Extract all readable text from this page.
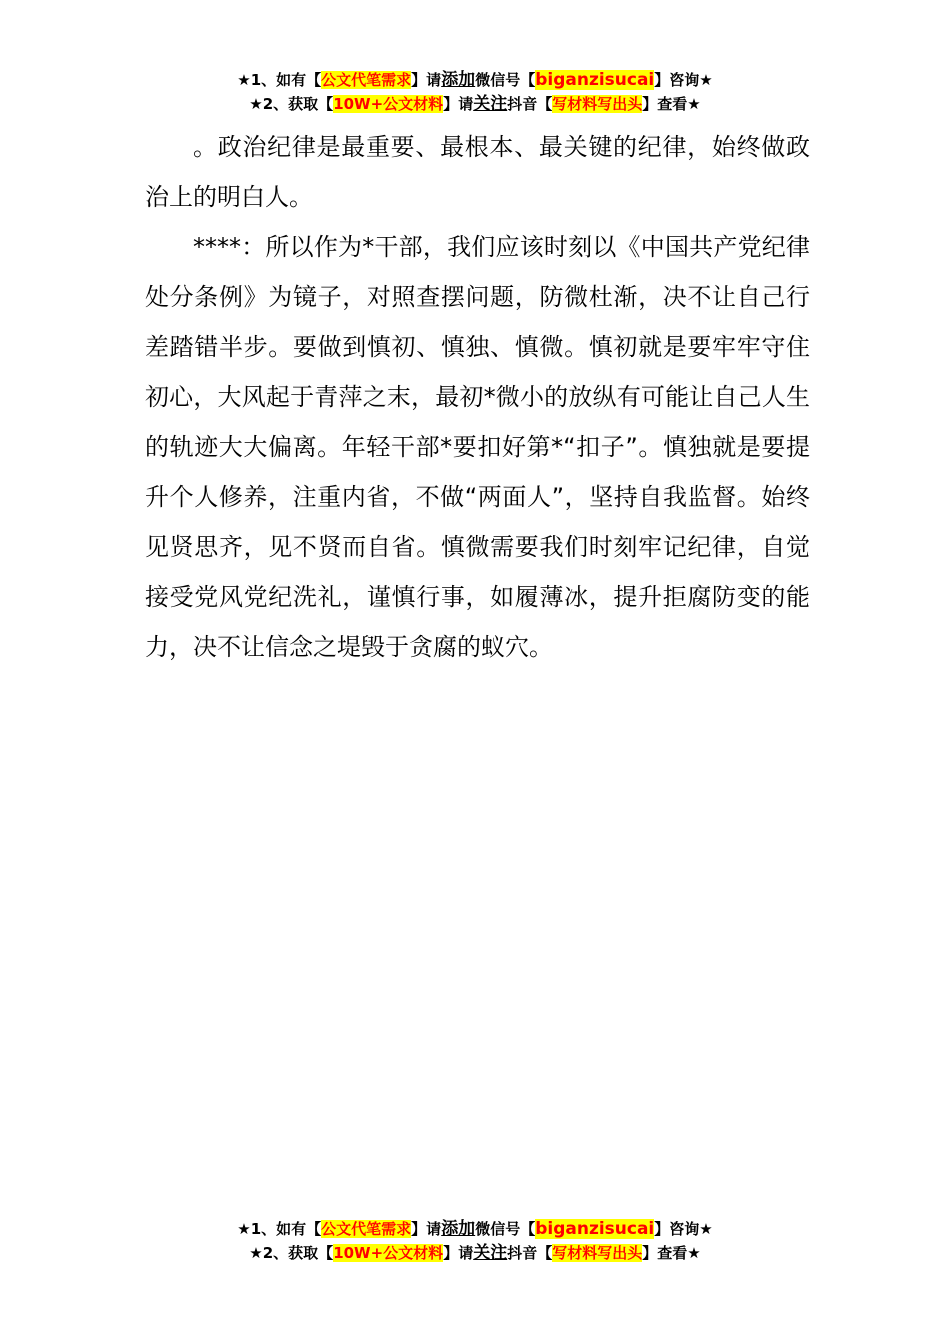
★1、如有【公文代笔需求】请添加微信号【biganzisucai】咨询★
★2、获取【10W+公文材料】请关注抖音【写材料写出头】查看★

。政治纪律是最重要、最根本、最关键的纪律，始终做政治上的明白人。

****：所以作为*干部，我们应该时刻以《中国共产党纪律处分条例》为镜子，对照查摆问题，防微杜渐，决不让自己行差踏错半步。要做到慎初、慎独、慎微。慎初就是要牢牢守住初心，大风起于青萍之末，最初*微小的放纵有可能让自己人生的轨迹大大偏离。年轻干部*要扣好第*“扣子”。慎独就是要提升个人修养，注重内省，不做“两面人”，坚持自我监督。始终见贤思齐，见不贤而自省。慎微需要我们时刻牢记纪律，自觉接受党风党纪洗礼，谨慎行事，如履薄冰，提升拒腐防变的能力，决不让信念之堤毁于贪腐的蚁穴。

★1、如有【公文代笔需求】请添加微信号【biganzisucai】咨询★
★2、获取【10W+公文材料】请关注抖音【写材料写出头】查看★
